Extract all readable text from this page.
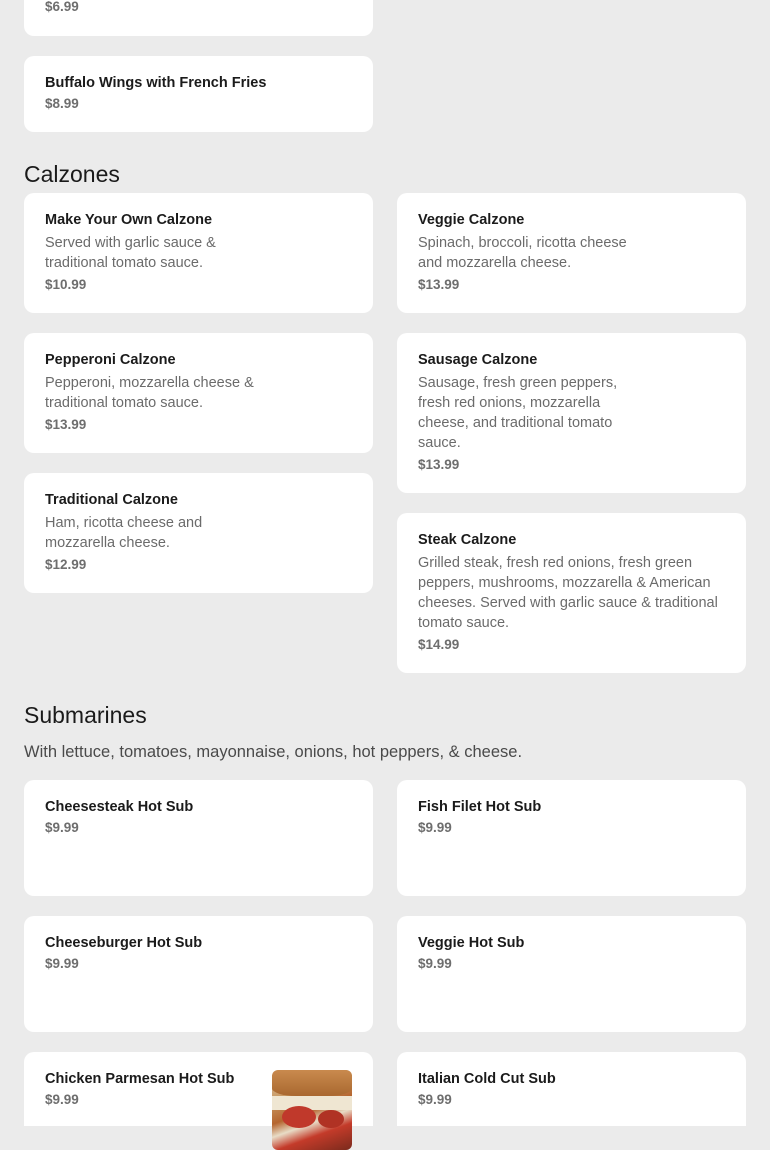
$6.99
Buffalo Wings with French Fries
$8.99
Calzones
Make Your Own Calzone
Served with garlic sauce & traditional tomato sauce.
$10.99
Veggie Calzone
Spinach, broccoli, ricotta cheese and mozzarella cheese.
$13.99
Pepperoni Calzone
Pepperoni, mozzarella cheese & traditional tomato sauce.
$13.99
Sausage Calzone
Sausage, fresh green peppers, fresh red onions, mozzarella cheese, and traditional tomato sauce.
$13.99
Traditional Calzone
Ham, ricotta cheese and mozzarella cheese.
$12.99
Steak Calzone
Grilled steak, fresh red onions, fresh green peppers, mushrooms, mozzarella & American cheeses. Served with garlic sauce & traditional tomato sauce.
$14.99
Submarines
With lettuce, tomatoes, mayonnaise, onions, hot peppers, & cheese.
Cheesesteak Hot Sub
$9.99
Fish Filet Hot Sub
$9.99
Cheeseburger Hot Sub
$9.99
Veggie Hot Sub
$9.99
Chicken Parmesan Hot Sub
$9.99
Italian Cold Cut Sub
$9.99
